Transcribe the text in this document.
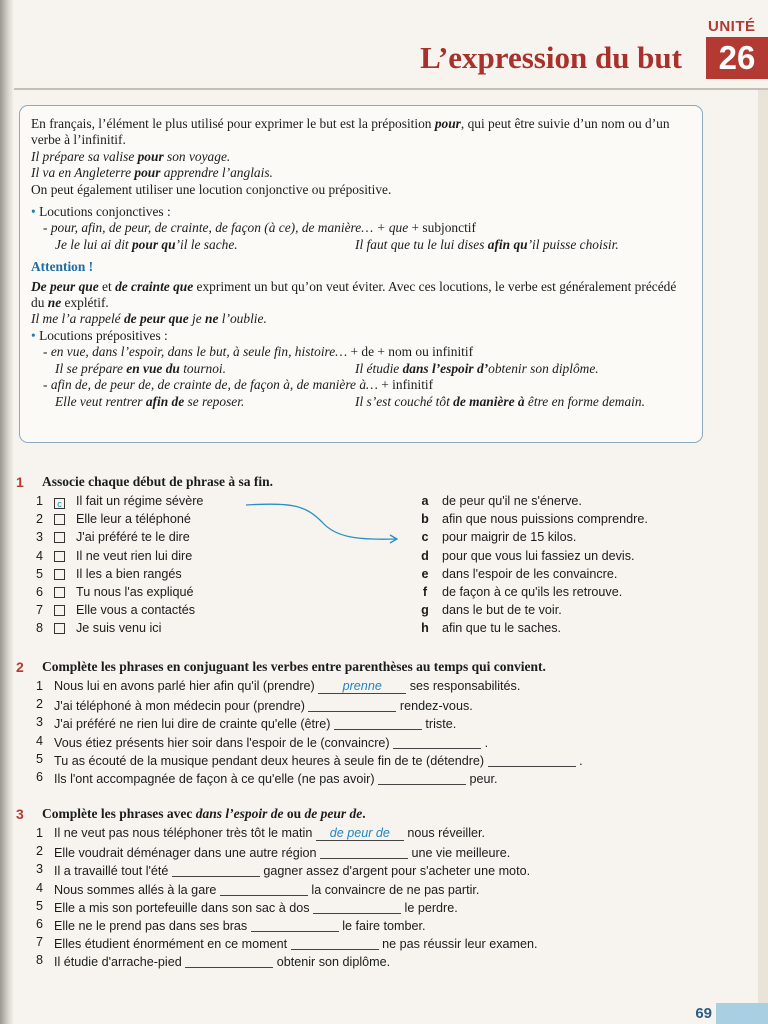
UNITÉ
26
L’expression du but

En français, l’élément le plus utilisé pour exprimer le but est la préposition pour, qui peut être suivie d’un nom ou d’un verbe à l’infinitif.

Il prépare sa valise pour son voyage.

Il va en Angleterre pour apprendre l’anglais.

On peut également utiliser une locution conjonctive ou prépositive.

• Locutions conjonctives :

- pour, afin, de peur, de crainte, de façon (à ce), de manière… + que + subjonctif

Je le lui ai dit pour qu’il le sache.	Il faut que tu le lui dises afin qu’il puisse choisir.

Attention !

De peur que et de crainte que expriment un but qu’on veut éviter. Avec ces locutions, le verbe est généralement précédé du ne explétif.

Il me l’a rappelé de peur que je ne l’oublie.

• Locutions prépositives :

- en vue, dans l’espoir, dans le but, à seule fin, histoire… + de + nom ou infinitif

Il se prépare en vue du tournoi.	Il étudie dans l’espoir d’obtenir son diplôme.

- afin de, de peur de, de crainte de, de façon à, de manière à… + infinitif

Elle veut rentrer afin de se reposer.	Il s’est couché tôt de manière à être en forme demain.
1 Associe chaque début de phrase à sa fin.
1	c Il fait un régime sévère	a	de peur qu'il ne s'énerve.
2	Elle leur a téléphoné	b	afin que nous puissions comprendre.
3	J'ai préféré te le dire	c	pour maigrir de 15 kilos.
4	Il ne veut rien lui dire	d	pour que vous lui fassiez un devis.
5	Il les a bien rangés	e	dans l'espoir de les convaincre.
6	Tu nous l'as expliqué	f	de façon à ce qu'ils les retrouve.
7	Elle vous a contactés	g	dans le but de te voir.
8	Je suis venu ici	h	afin que tu le saches.
2 Complète les phrases en conjuguant les verbes entre parenthèses au temps qui convient.
1 Nous lui en avons parlé hier afin qu'il (prendre) prenne ses responsabilités.
2 J'ai téléphoné à mon médecin pour (prendre)	rendez-vous.
3 J'ai préféré ne rien lui dire de crainte qu'elle (être)	triste.
4 Vous étiez présents hier soir dans l'espoir de le (convaincre)	.
5 Tu as écouté de la musique pendant deux heures à seule fin de te (détendre)	.
6 Ils l'ont accompagnée de façon à ce qu'elle (ne pas avoir)	peur.
3 Complète les phrases avec dans l’espoir de ou de peur de.
1 Il ne veut pas nous téléphoner très tôt le matin de peur de nous réveiller.
2 Elle voudrait déménager dans une autre région	une vie meilleure.
3 Il a travaillé tout l'été	gagner assez d'argent pour s'acheter une moto.
4 Nous sommes allés à la gare	la convaincre de ne pas partir.
5 Elle a mis son portefeuille dans son sac à dos	le perdre.
6 Elle ne le prend pas dans ses bras	le faire tomber.
7 Elles étudient énormément en ce moment	ne pas réussir leur examen.
8 Il étudie d'arrache-pied	obtenir son diplôme.
69
